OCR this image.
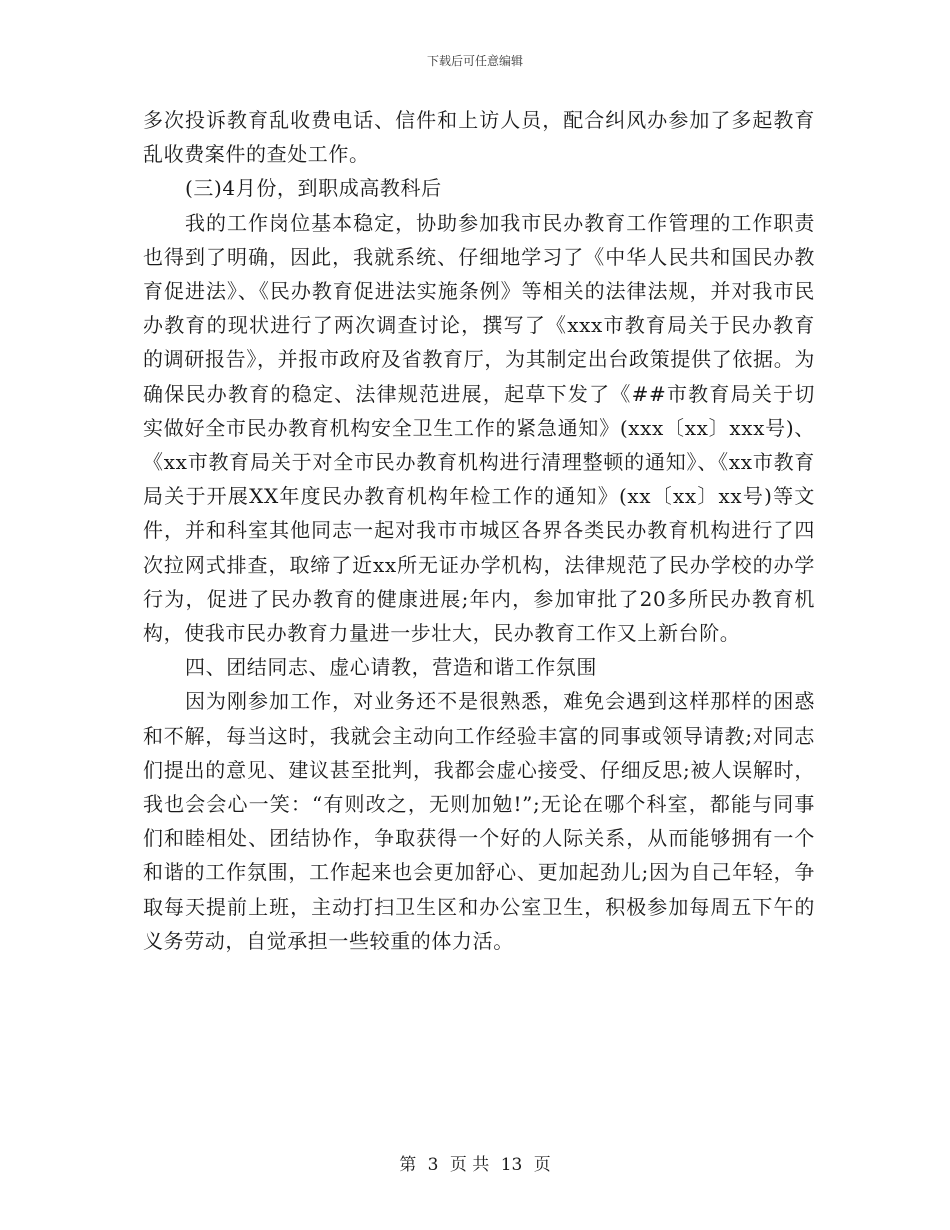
下载后可任意编辑

多次投诉教育乱收费电话、信件和上访人员，配合纠风办参加了多起教育乱收费案件的查处工作。

(三)4月份，到职成高教科后

我的工作岗位基本稳定，协助参加我市民办教育工作管理的工作职责也得到了明确，因此，我就系统、仔细地学习了《中华人民共和国民办教育促进法》、《民办教育促进法实施条例》等相关的法律法规，并对我市民办教育的现状进行了两次调查讨论，撰写了《xxx市教育局关于民办教育的调研报告》，并报市政府及省教育厅，为其制定出台政策提供了依据。为确保民办教育的稳定、法律规范进展，起草下发了《##市教育局关于切实做好全市民办教育机构安全卫生工作的紧急通知》(xxx〔xx〕xxx号)、《xx市教育局关于对全市民办教育机构进行清理整顿的通知》、《xx市教育局关于开展XX年度民办教育机构年检工作的通知》(xx〔xx〕xx号)等文件，并和科室其他同志一起对我市市城区各界各类民办教育机构进行了四次拉网式排查，取缔了近xx所无证办学机构，法律规范了民办学校的办学行为，促进了民办教育的健康进展;年内，参加审批了20多所民办教育机构，使我市民办教育力量进一步壮大，民办教育工作又上新台阶。

四、团结同志、虚心请教，营造和谐工作氛围

因为刚参加工作，对业务还不是很熟悉，难免会遇到这样那样的困惑和不解，每当这时，我就会主动向工作经验丰富的同事或领导请教;对同志们提出的意见、建议甚至批判，我都会虚心接受、仔细反思;被人误解时，我也会会心一笑：“有则改之，无则加勉!”;无论在哪个科室，都能与同事们和睦相处、团结协作，争取获得一个好的人际关系，从而能够拥有一个和谐的工作氛围，工作起来也会更加舒心、更加起劲儿;因为自己年轻，争取每天提前上班，主动打扫卫生区和办公室卫生，积极参加每周五下午的义务劳动，自觉承担一些较重的体力活。

第 3 页 共 13 页
